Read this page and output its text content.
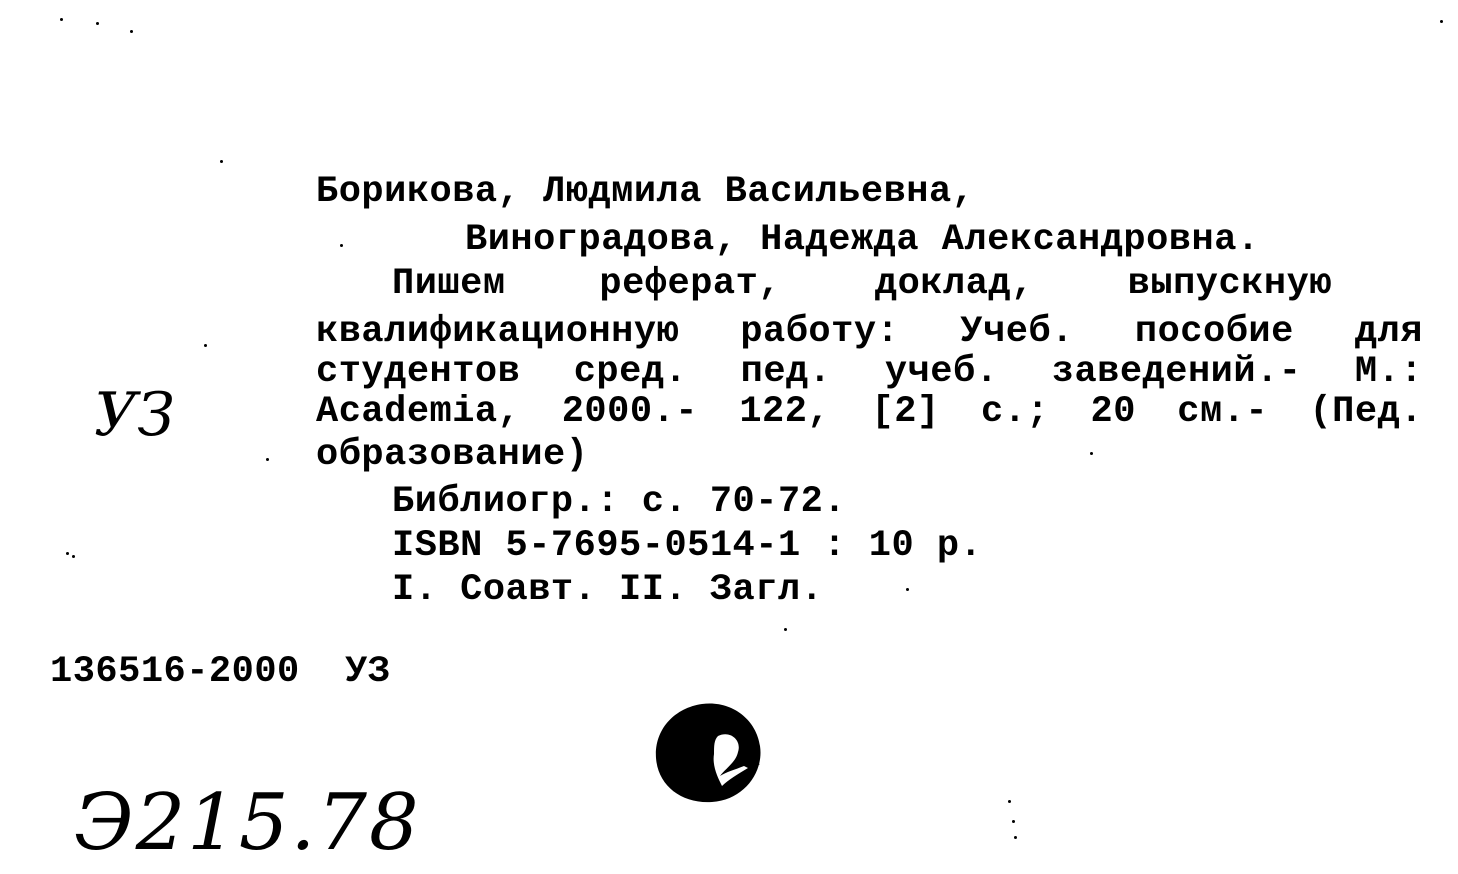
УЗ
Борикова, Людмила Васильевна,
Виноградова, Надежда Александровна.
Пишем реферат, доклад, выпускную
квалификационную работу: Учеб. пособие для
студентов сред. пед. учеб. заведений.- М.:
Academia, 2000.- 122, [2] с.; 20 см.- (Пед.
образование)
Библиогр.: с. 70-72.
ISBN 5-7695-0514-1 : 10 р.
I. Соавт. II. Загл.
136516-2000  УЗ
Э215.78
